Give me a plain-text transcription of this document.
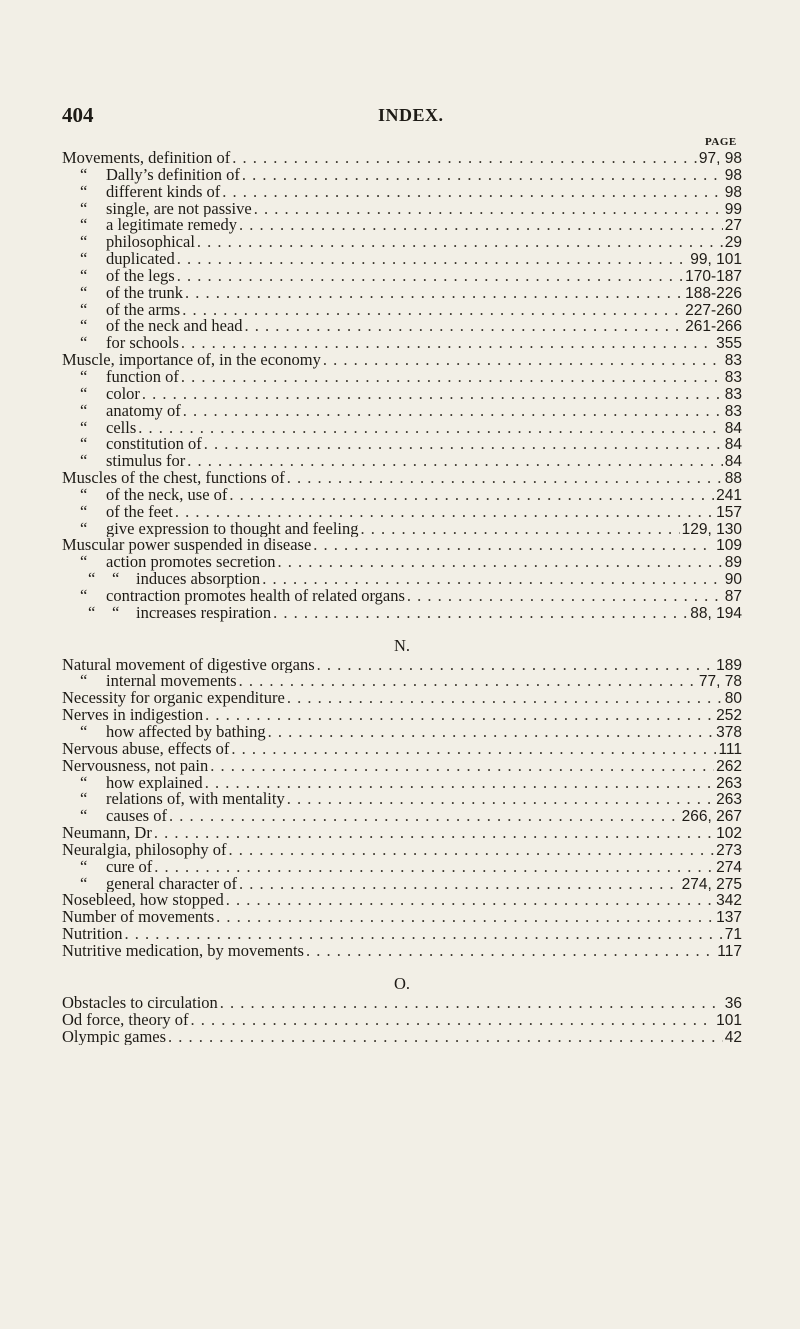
404	INDEX.
PAGE
Movements, definition of . . .	97, 98
“	Dally’s definition of . . .	98
“	different kinds of . . .	98
“	single, are not passive . . .	99
“	a legitimate remedy . . .	27
“	philosophical . . .	29
“	duplicated . . .	99, 101
“	of the legs . . .	170-187
“	of the trunk . . .	188-226
“	of the arms . . .	227-260
“	of the neck and head . . .	261-266
“	for schools . . .	355
Muscle, importance of, in the economy . . .	83
“	function of . . .	83
“	color . . .	83
“	anatomy of . . .	83
“	cells . . .	84
“	constitution of . . .	84
“	stimulus for . . .	84
Muscles of the chest, functions of . . .	88
“	of the neck, use of . . .	241
“	of the feet . . .	157
“	give expression to thought and feeling . . .	129, 130
Muscular power suspended in disease . . .	109
“	action promotes secretion . . .	89
“	“	induces absorption . . .	90
“	contraction promotes health of related organs . . .	87
“	“	increases respiration . . .	88, 194
N.
Natural movement of digestive organs . . .	189
“	internal movements . . .	77, 78
Necessity for organic expenditure . . .	80
Nerves in indigestion . . .	252
“	how affected by bathing . . .	378
Nervous abuse, effects of . . .	111
Nervousness, not pain . . .	262
“	how explained . . .	263
“	relations of, with mentality . . .	263
“	causes of . . .	266, 267
Neumann, Dr . . .	102
Neuralgia, philosophy of . . .	273
“	cure of . . .	274
“	general character of . . .	274, 275
Nosebleed, how stopped . . .	342
Number of movements . . .	137
Nutrition . . .	71
Nutritive medication, by movements . . .	117
O.
Obstacles to circulation . . .	36
Od force, theory of . . .	101
Olympic games . . .	42
